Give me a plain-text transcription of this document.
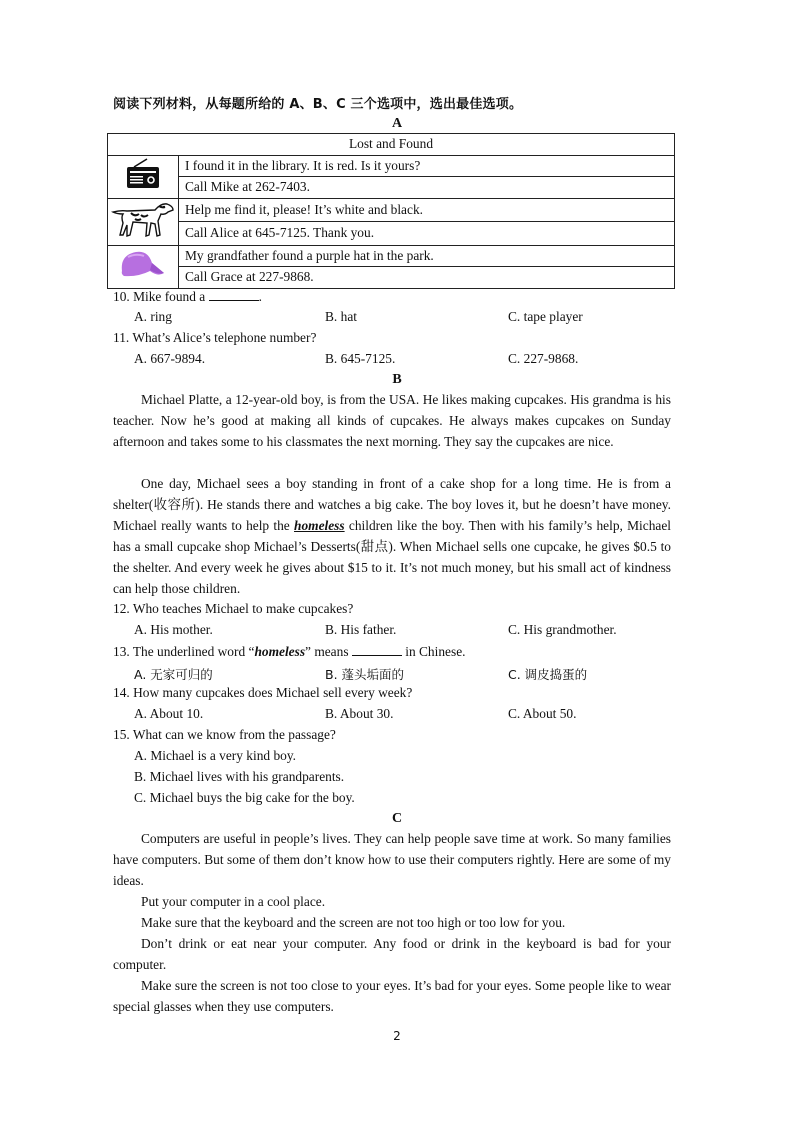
阅读下列材料，从每题所给的 A、B、C 三个选项中，选出最佳选项。
A
Lost and Found	
	I found it in the library. It is red. Is it yours?
	Call Mike at 262-7403.
	Help me find it, please! It’s white and black.
	Call Alice at 645-7125. Thank you.
	My grandfather found a purple hat in the park.
	Call Grace at 227-9868.
10. Mike found a	.
A. ring	B. hat	C. tape player
11. What’s Alice’s telephone number?
A. 667-9894.	B. 645-7125.	C. 227-9868.
B
Michael Platte, a 12-year-old boy, is from the USA. He likes making cupcakes. His grandma is his teacher. Now he’s good at making all kinds of cupcakes. He always makes cupcakes on Sunday afternoon and takes some to his classmates the next morning. They say the cupcakes are nice.
One day, Michael sees a boy standing in front of a cake shop for a long time. He is from a shelter(收容所). He stands there and watches a big cake. The boy loves it, but he doesn’t have money. Michael really wants to help the homeless children like the boy. Then with his family’s help, Michael has a small cupcake shop Michael’s Desserts(甜点). When Michael sells one cupcake, he gives $0.5 to the shelter. And every week he gives about $15 to it. It’s not much money, but his small act of kindness can help those children.
12. Who teaches Michael to make cupcakes?
A. His mother.	B. His father.	C. His grandmother.
13. The underlined word “homeless” means	in Chinese.
A. 无家可归的	B. 蓬头垢面的	C. 调皮捣蛋的
14. How many cupcakes does Michael sell every week?
A. About 10.	B. About 30.	C. About 50.
15. What can we know from the passage?
A. Michael is a very kind boy.
B. Michael lives with his grandparents.
C. Michael buys the big cake for the boy.
C
Computers are useful in people’s lives. They can help people save time at work. So many families have computers. But some of them don’t know how to use their computers rightly. Here are some of my ideas.
Put your computer in a cool place.
Make sure that the keyboard and the screen are not too high or too low for you.
Don’t drink or eat near your computer. Any food or drink in the keyboard is bad for your computer.
Make sure the screen is not too close to your eyes. It’s bad for your eyes. Some people like to wear special glasses when they use computers.
2
